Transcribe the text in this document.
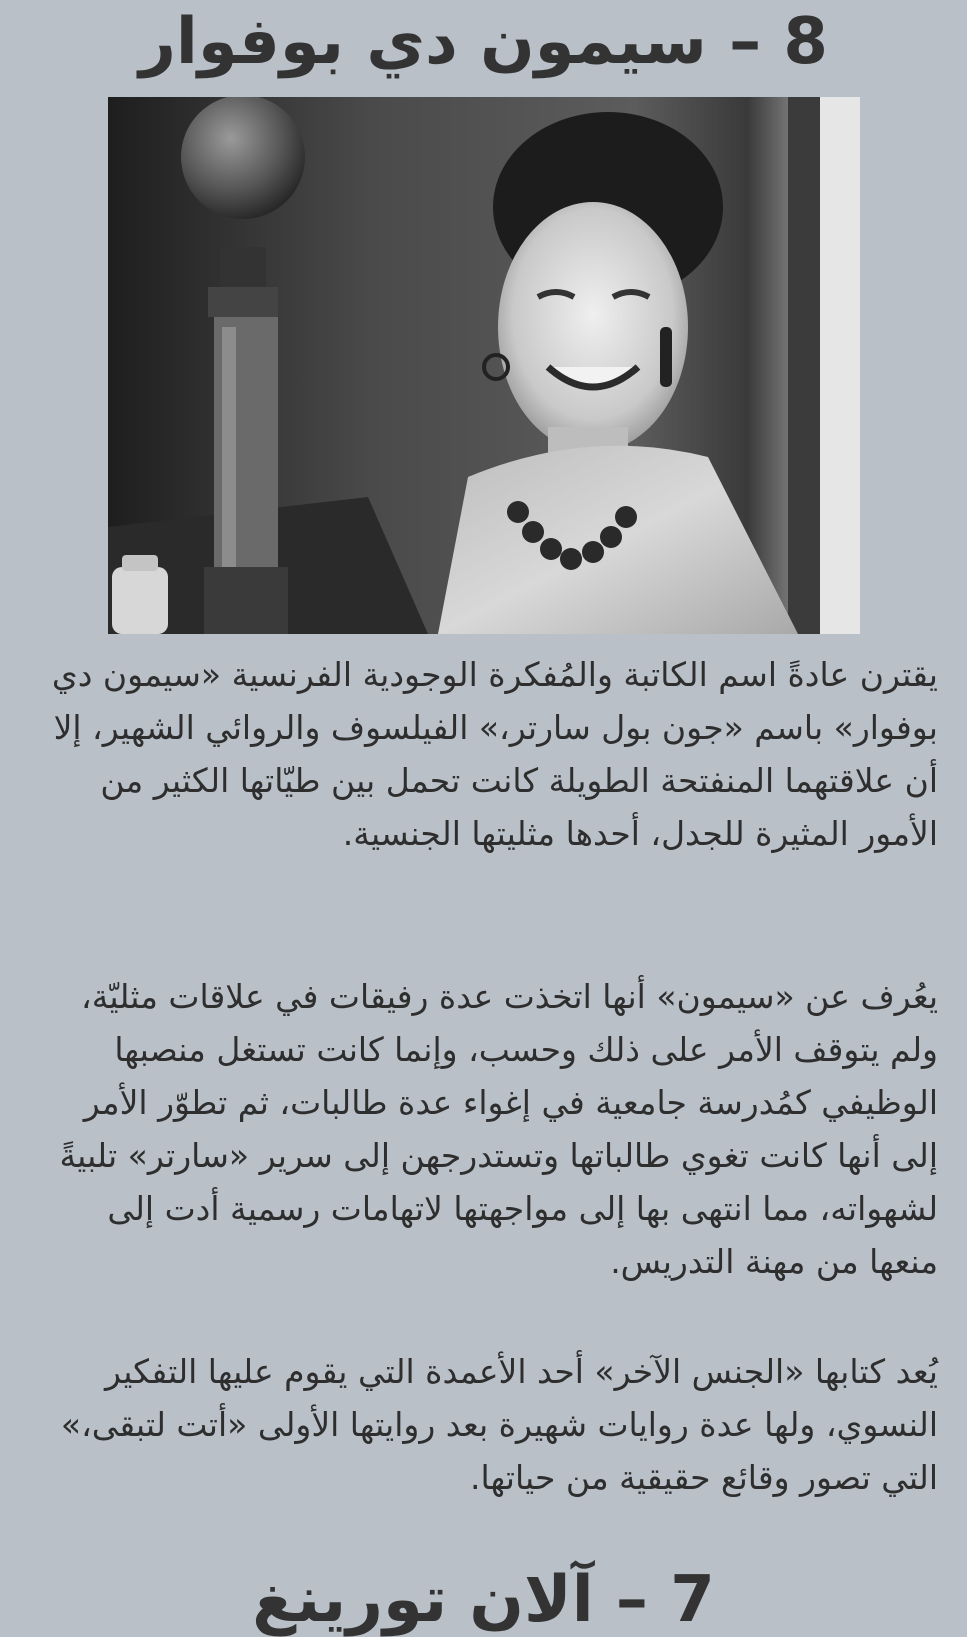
8 – سيمون دي بوفوار

يقترن عادةً اسم الكاتبة والمُفكرة الوجودية الفرنسية «سيمون دي بوفوار» باسم «جون بول سارتر،» الفيلسوف والروائي الشهير، إلا أن علاقتهما المنفتحة الطويلة كانت تحمل بين طيّاتها الكثير من الأمور المثيرة للجدل، أحدها مثليتها الجنسية.

يعُرف عن «سيمون» أنها اتخذت عدة رفيقات في علاقات مثليّة، ولم يتوقف الأمر على ذلك وحسب، وإنما كانت تستغل منصبها الوظيفي كمُدرسة جامعية في إغواء عدة طالبات، ثم تطوّر الأمر إلى أنها كانت تغوي طالباتها وتستدرجهن إلى سرير «سارتر» تلبيةً لشهواته، مما انتهى بها إلى مواجهتها لاتهامات رسمية أدت إلى منعها من مهنة التدريس.

يُعد كتابها «الجنس الآخر» أحد الأعمدة التي يقوم عليها التفكير النسوي، ولها عدة روايات شهيرة بعد روايتها الأولى «أتت لتبقى،» التي تصور وقائع حقيقية من حياتها.

7 – آلان تورينغ
